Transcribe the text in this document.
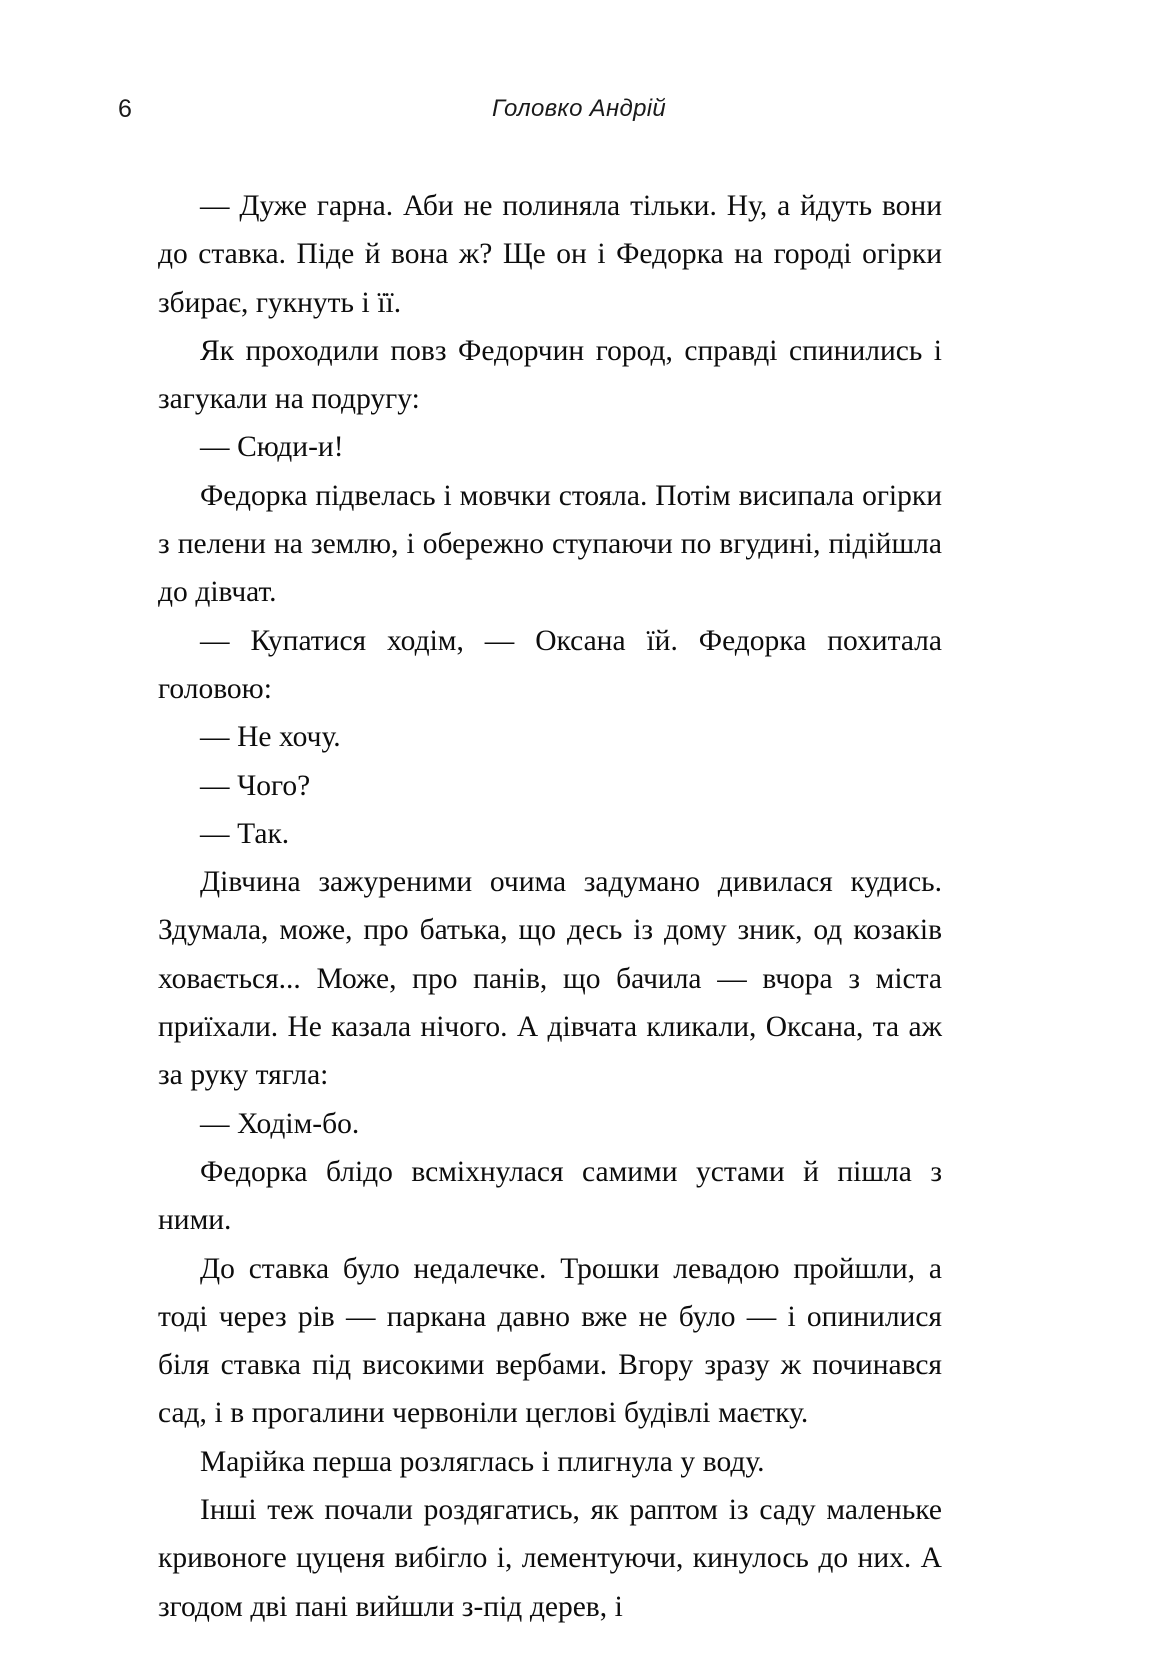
6	Головко Андрій

— Дуже гарна. Аби не полиняла тільки. Ну, а йдуть вони до ставка. Піде й вона ж? Ще он і Федорка на городі огірки збирає, гукнуть і її.

Як проходили повз Федорчин город, справді спинились і загукали на подругу:

— Сюди-и!

Федорка підвелась і мовчки стояла. Потім висипала огірки з пелени на землю, і обережно ступаючи по вгудині, підійшла до дівчат.

— Купатися ходім, — Оксана їй. Федорка похитала головою:

— Не хочу.

— Чого?

— Так.

Дівчина зажуреними очима задумано дивилася кудись. Здумала, може, про батька, що десь із дому зник, од козаків ховається... Може, про панів, що бачила — вчора з міста приїхали. Не казала нічого. А дівчата кликали, Оксана, та аж за руку тягла:

— Ходім-бо.

Федорка блідо всміхнулася самими устами й пішла з ними.

До ставка було недалечке. Трошки левадою пройшли, а тоді через рів — паркана давно вже не було — і опинилися біля ставка під високими вербами. Вгору зразу ж починався сад, і в прогалини червоніли цеглові будівлі маєтку.

Марійка перша розляглась і плигнула у воду.

Інші теж почали роздягатись, як раптом із саду маленьке кривоноге цуценя вибігло і, лементуючи, кинулось до них. А згодом дві пані вийшли з-під дерев, і
